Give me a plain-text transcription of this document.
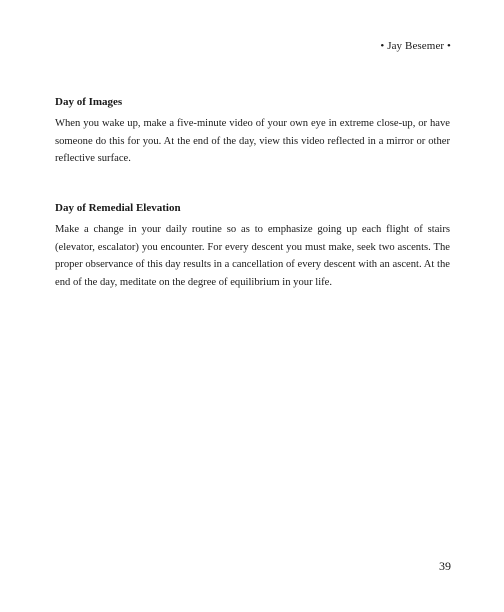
• Jay Besemer •
Day of Images

When you wake up, make a five-minute video of your own eye in extreme close-up, or have someone do this for you. At the end of the day, view this video reflected in a mirror or other reflective surface.

Day of Remedial Elevation

Make a change in your daily routine so as to emphasize going up each flight of stairs (elevator, escalator) you encounter. For every descent you must make, seek two ascents. The proper observance of this day results in a cancellation of every descent with an ascent. At the end of the day, meditate on the degree of equilibrium in your life.

39
